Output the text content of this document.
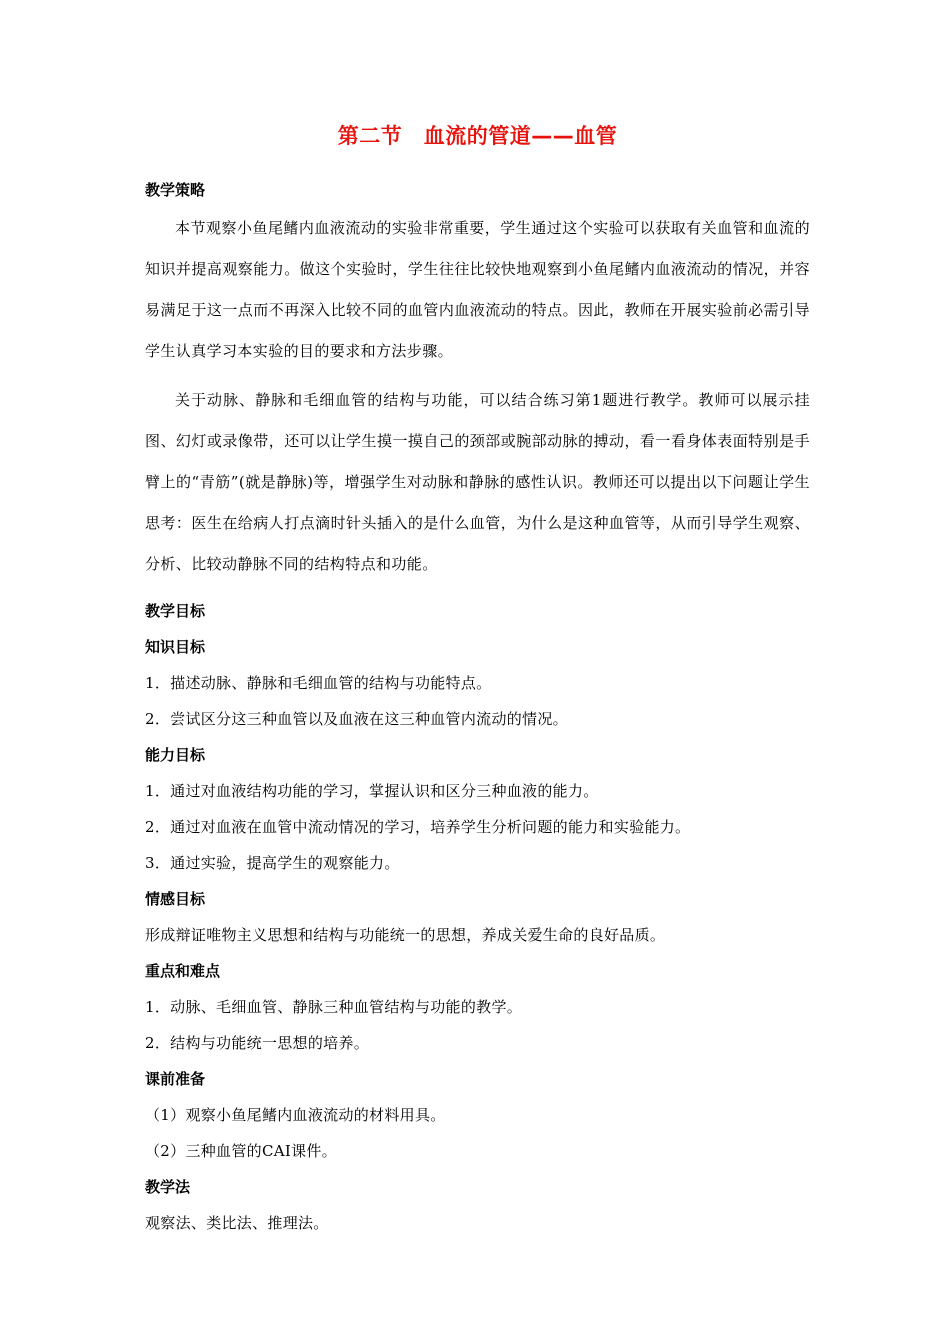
第二节　血流的管道——血管
教学策略

本节观察小鱼尾鳍内血液流动的实验非常重要，学生通过这个实验可以获取有关血管和血流的知识并提高观察能力。做这个实验时，学生往往比较快地观察到小鱼尾鳍内血液流动的情况，并容易满足于这一点而不再深入比较不同的血管内血液流动的特点。因此，教师在开展实验前必需引导学生认真学习本实验的目的要求和方法步骤。

关于动脉、静脉和毛细血管的结构与功能，可以结合练习第1题进行教学。教师可以展示挂图、幻灯或录像带，还可以让学生摸一摸自己的颈部或腕部动脉的搏动，看一看身体表面特别是手臂上的“青筋”(就是静脉)等，增强学生对动脉和静脉的感性认识。教师还可以提出以下问题让学生思考：医生在给病人打点滴时针头插入的是什么血管，为什么是这种血管等，从而引导学生观察、分析、比较动静脉不同的结构特点和功能。

教学目标
知识目标
1．描述动脉、静脉和毛细血管的结构与功能特点。
2．尝试区分这三种血管以及血液在这三种血管内流动的情况。
能力目标
1．通过对血液结构功能的学习，掌握认识和区分三种血液的能力。
2．通过对血液在血管中流动情况的学习，培养学生分析问题的能力和实验能力。
3．通过实验，提高学生的观察能力。
情感目标
形成辩证唯物主义思想和结构与功能统一的思想，养成关爱生命的良好品质。
重点和难点
1．动脉、毛细血管、静脉三种血管结构与功能的教学。
2．结构与功能统一思想的培养。
课前准备
（1）观察小鱼尾鳍内血液流动的材料用具。
（2）三种血管的CAI课件。
教学法
观察法、类比法、推理法。
